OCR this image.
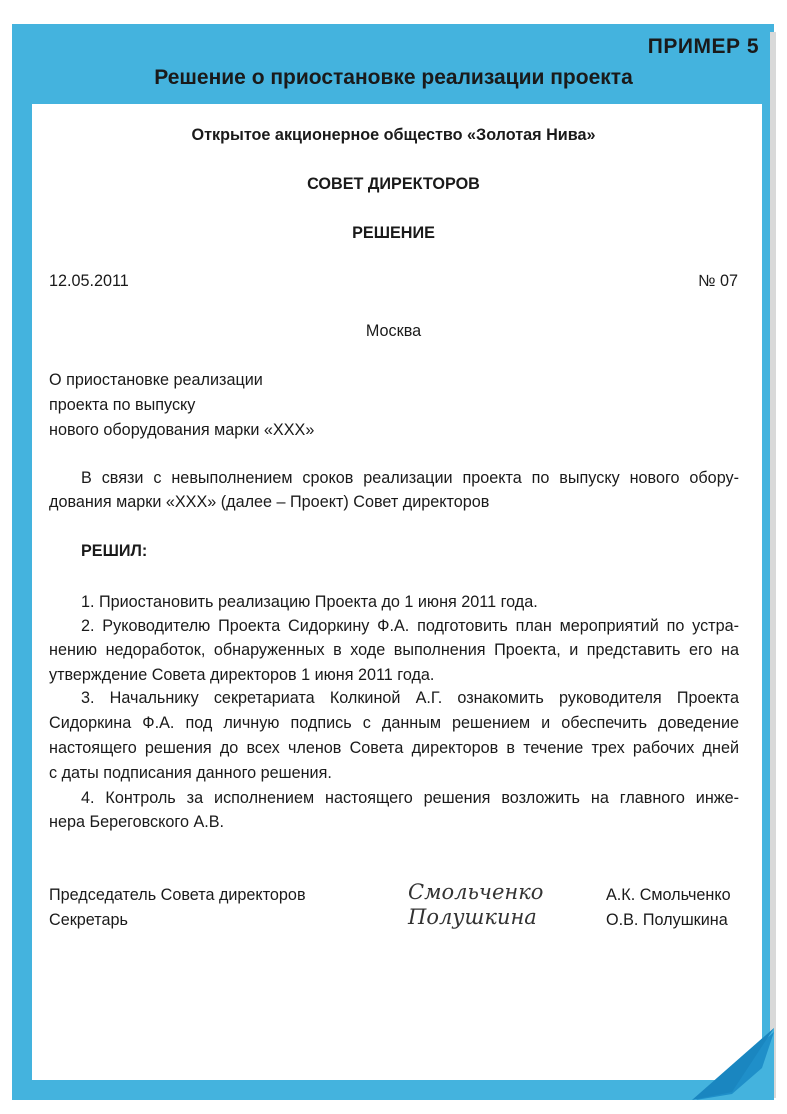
ПРИМЕР 5
Решение о приостановке реализации проекта
Открытое акционерное общество «Золотая Нива»
СОВЕТ ДИРЕКТОРОВ
РЕШЕНИЕ
12.05.2011	№ 07
Москва
О приостановке реализации
проекта по выпуску
нового оборудования марки «ХХХ»
В связи с невыполнением сроков реализации проекта по выпуску нового обору-
дования марки «ХХХ» (далее – Проект) Совет директоров
РЕШИЛ:
1. Приостановить реализацию Проекта до 1 июня 2011 года.
2. Руководителю Проекта Сидоркину Ф.А. подготовить план мероприятий по устра-
нению недоработок, обнаруженных в ходе выполнения Проекта, и представить его на
утверждение Совета директоров 1 июня 2011 года.
3. Начальнику секретариата Колкиной А.Г. ознакомить руководителя Проекта
Сидоркина Ф.А. под личную подпись с данным решением и обеспечить доведение
настоящего решения до всех членов Совета директоров в течение трех рабочих дней
с даты подписания данного решения.
4. Контроль за исполнением настоящего решения возложить на главного инже-
нера Береговского А.В.
Председатель Совета директоров	Смольченко	А.К. Смольченко
Секретарь	Полушкина	О.В. Полушкина
